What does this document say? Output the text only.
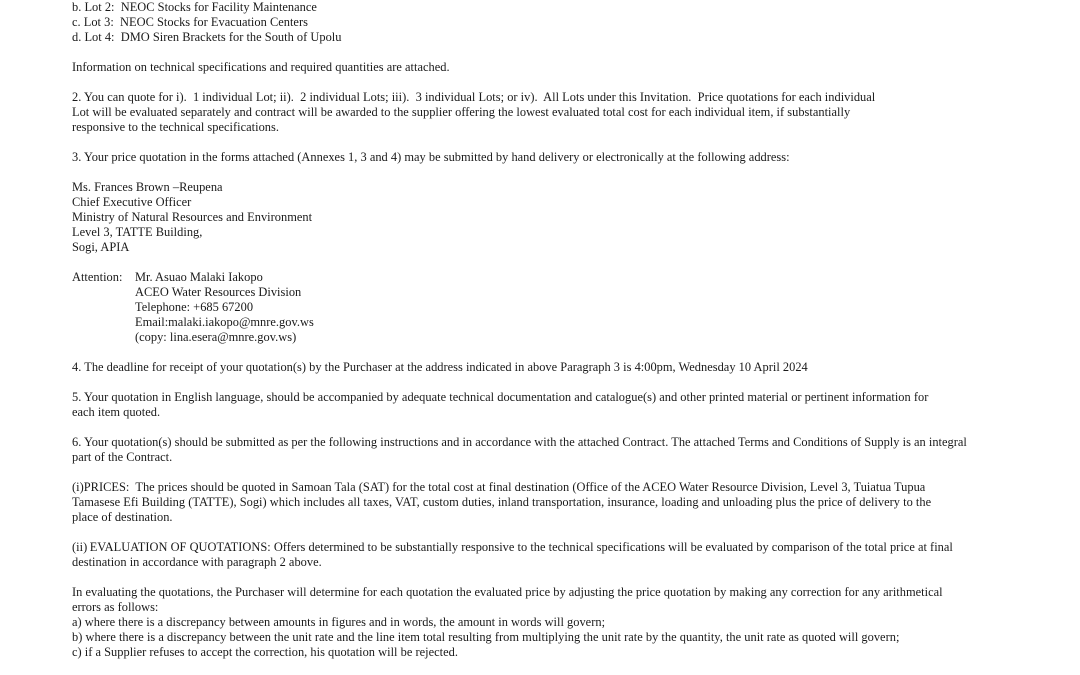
b. Lot 2:  NEOC Stocks for Facility Maintenance
c. Lot 3:  NEOC Stocks for Evacuation Centers
d. Lot 4:  DMO Siren Brackets for the South of Upolu
Information on technical specifications and required quantities are attached.
2. You can quote for i).  1 individual Lot; ii).  2 individual Lots; iii).  3 individual Lots; or iv).  All Lots under this Invitation.  Price quotations for each individual
Lot will be evaluated separately and contract will be awarded to the supplier offering the lowest evaluated total cost for each individual item, if substantially
responsive to the technical specifications.
3. Your price quotation in the forms attached (Annexes 1, 3 and 4) may be submitted by hand delivery or electronically at the following address:
Ms. Frances Brown –Reupena
Chief Executive Officer
Ministry of Natural Resources and Environment
Level 3, TATTE Building,
Sogi, APIA
Attention: Mr. Asuao Malaki Iakopo
ACEO Water Resources Division
Telephone: +685 67200
Email:malaki.iakopo@mnre.gov.ws
(copy: lina.esera@mnre.gov.ws)
4. The deadline for receipt of your quotation(s) by the Purchaser at the address indicated in above Paragraph 3 is 4:00pm, Wednesday 10 April 2024
5. Your quotation in English language, should be accompanied by adequate technical documentation and catalogue(s) and other printed material or pertinent information for
each item quoted.
6. Your quotation(s) should be submitted as per the following instructions and in accordance with the attached Contract. The attached Terms and Conditions of Supply is an integral
part of the Contract.
(i)PRICES:  The prices should be quoted in Samoan Tala (SAT) for the total cost at final destination (Office of the ACEO Water Resource Division, Level 3, Tuiatua Tupua
Tamasese Efi Building (TATTE), Sogi) which includes all taxes, VAT, custom duties, inland transportation, insurance, loading and unloading plus the price of delivery to the
place of destination.
(ii) EVALUATION OF QUOTATIONS: Offers determined to be substantially responsive to the technical specifications will be evaluated by comparison of the total price at final
destination in accordance with paragraph 2 above.
In evaluating the quotations, the Purchaser will determine for each quotation the evaluated price by adjusting the price quotation by making any correction for any arithmetical
errors as follows:
a) where there is a discrepancy between amounts in figures and in words, the amount in words will govern;
b) where there is a discrepancy between the unit rate and the line item total resulting from multiplying the unit rate by the quantity, the unit rate as quoted will govern;
c) if a Supplier refuses to accept the correction, his quotation will be rejected.
